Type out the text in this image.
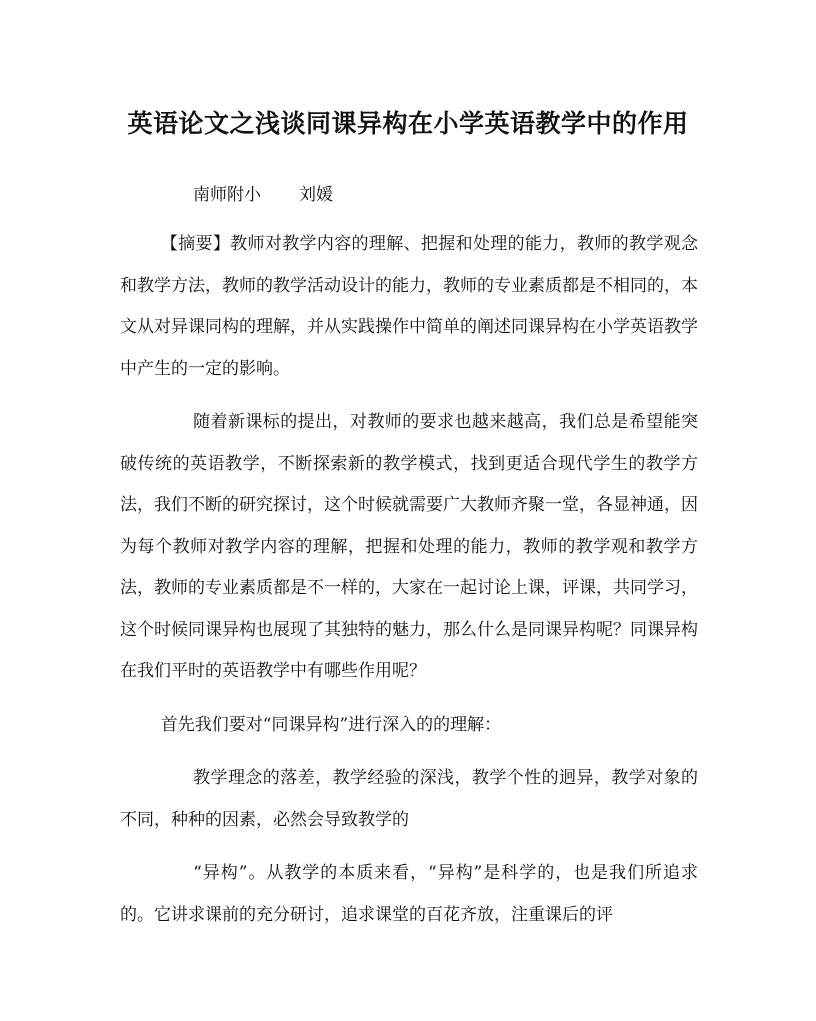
英语论文之浅谈同课异构在小学英语教学中的作用
南师附小 刘媛

【摘要】教师对教学内容的理解、把握和处理的能力，教师的教学观念和教学方法，教师的教学活动设计的能力，教师的专业素质都是不相同的，本文从对异课同构的理解，并从实践操作中简单的阐述同课异构在小学英语教学中产生的一定的影响。

随着新课标的提出，对教师的要求也越来越高，我们总是希望能突破传统的英语教学，不断探索新的教学模式，找到更适合现代学生的教学方法，我们不断的研究探讨，这个时候就需要广大教师齐聚一堂，各显神通，因为每个教师对教学内容的理解，把握和处理的能力，教师的教学观和教学方法，教师的专业素质都是不一样的，大家在一起讨论上课，评课，共同学习，这个时候同课异构也展现了其独特的魅力，那么什么是同课异构呢？同课异构在我们平时的英语教学中有哪些作用呢？

首先我们要对“同课异构”进行深入的的理解：

教学理念的落差，教学经验的深浅，教学个性的迥异，教学对象的不同，种种的因素，必然会导致教学的

“异构”。从教学的本质来看，“异构”是科学的，也是我们所追求的。它讲求课前的充分研讨，追求课堂的百花齐放，注重课后的评
